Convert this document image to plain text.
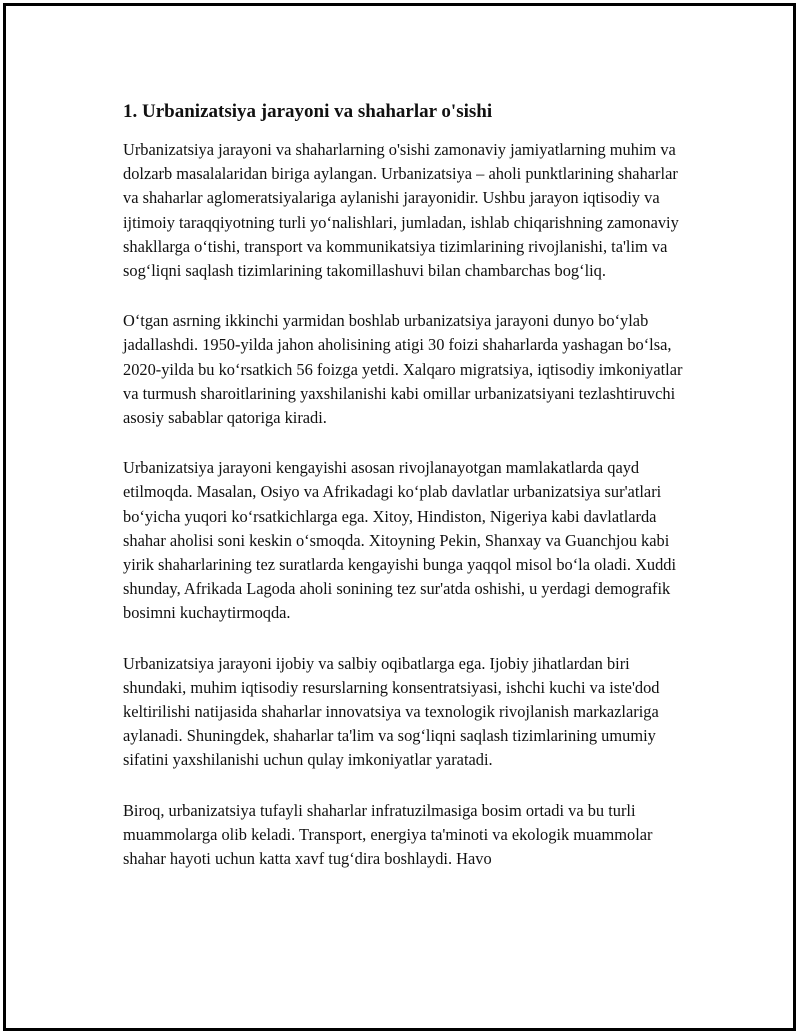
1. Urbanizatsiya jarayoni va shaharlar o'sishi

Urbanizatsiya jarayoni va shaharlarning o'sishi zamonaviy jamiyatlarning muhim va dolzarb masalalaridan biriga aylangan. Urbanizatsiya – aholi punktlarining shaharlar va shaharlar aglomeratsiyalariga aylanishi jarayonidir. Ushbu jarayon iqtisodiy va ijtimoiy taraqqiyotning turli yo‘nalishlari, jumladan, ishlab chiqarishning zamonaviy shakllarga o‘tishi, transport va kommunikatsiya tizimlarining rivojlanishi, ta'lim va sog‘liqni saqlash tizimlarining takomillashuvi bilan chambarchas bog‘liq.

O‘tgan asrning ikkinchi yarmidan boshlab urbanizatsiya jarayoni dunyo bo‘ylab jadallashdi. 1950-yilda jahon aholisining atigi 30 foizi shaharlarda yashagan bo‘lsa, 2020-yilda bu ko‘rsatkich 56 foizga yetdi. Xalqaro migratsiya, iqtisodiy imkoniyatlar va turmush sharoitlarining yaxshilanishi kabi omillar urbanizatsiyani tezlashtiruvchi asosiy sabablar qatoriga kiradi.

Urbanizatsiya jarayoni kengayishi asosan rivojlanayotgan mamlakatlarda qayd etilmoqda. Masalan, Osiyo va Afrikadagi ko‘plab davlatlar urbanizatsiya sur'atlari bo‘yicha yuqori ko‘rsatkichlarga ega. Xitoy, Hindiston, Nigeriya kabi davlatlarda shahar aholisi soni keskin o‘smoqda. Xitoyning Pekin, Shanxay va Guanchjou kabi yirik shaharlarining tez suratlarda kengayishi bunga yaqqol misol bo‘la oladi. Xuddi shunday, Afrikada Lagoda aholi sonining tez sur'atda oshishi, u yerdagi demografik bosimni kuchaytirmoqda.

Urbanizatsiya jarayoni ijobiy va salbiy oqibatlarga ega. Ijobiy jihatlardan biri shundaki, muhim iqtisodiy resurslarning konsentratsiyasi, ishchi kuchi va iste'dod keltirilishi natijasida shaharlar innovatsiya va texnologik rivojlanish markazlariga aylanadi. Shuningdek, shaharlar ta'lim va sog‘liqni saqlash tizimlarining umumiy sifatini yaxshilanishi uchun qulay imkoniyatlar yaratadi.

Biroq, urbanizatsiya tufayli shaharlar infratuzilmasiga bosim ortadi va bu turli muammolarga olib keladi. Transport, energiya ta'minoti va ekologik muammolar shahar hayoti uchun katta xavf tug‘dira boshlaydi. Havo
